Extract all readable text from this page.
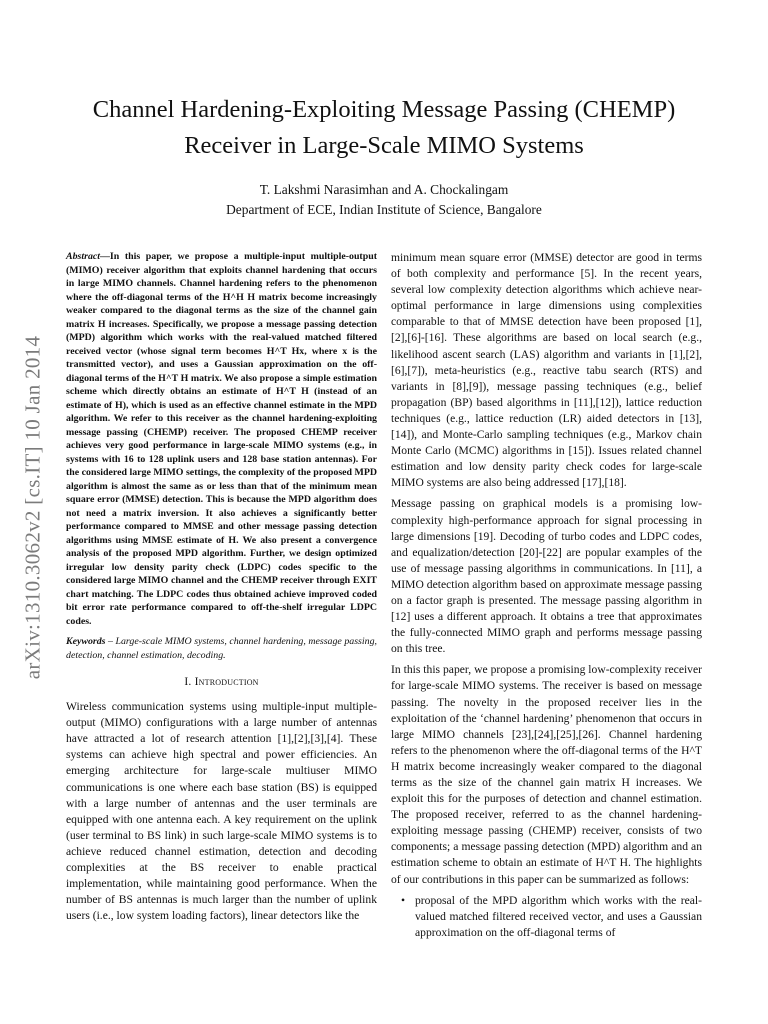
arXiv:1310.3062v2 [cs.IT] 10 Jan 2014
Channel Hardening-Exploiting Message Passing (CHEMP)
Receiver in Large-Scale MIMO Systems
T. Lakshmi Narasimhan and A. Chockalingam
Department of ECE, Indian Institute of Science, Bangalore

Abstract—In this paper, we propose a multiple-input multiple-output (MIMO) receiver algorithm that exploits channel hardening that occurs in large MIMO channels. Channel hardening refers to the phenomenon where the off-diagonal terms of the H^H H matrix become increasingly weaker compared to the diagonal terms as the size of the channel gain matrix H increases. Specifically, we propose a message passing detection (MPD) algorithm which works with the real-valued matched filtered received vector (whose signal term becomes H^T Hx, where x is the transmitted vector), and uses a Gaussian approximation on the off-diagonal terms of the H^T H matrix. We also propose a simple estimation scheme which directly obtains an estimate of H^T H (instead of an estimate of H), which is used as an effective channel estimate in the MPD algorithm. We refer to this receiver as the channel hardening-exploiting message passing (CHEMP) receiver. The proposed CHEMP receiver achieves very good performance in large-scale MIMO systems (e.g., in systems with 16 to 128 uplink users and 128 base station antennas). For the considered large MIMO settings, the complexity of the proposed MPD algorithm is almost the same as or less than that of the minimum mean square error (MMSE) detection. This is because the MPD algorithm does not need a matrix inversion. It also achieves a significantly better performance compared to MMSE and other message passing detection algorithms using MMSE estimate of H. We also present a convergence analysis of the proposed MPD algorithm. Further, we design optimized irregular low density parity check (LDPC) codes specific to the considered large MIMO channel and the CHEMP receiver through EXIT chart matching. The LDPC codes thus obtained achieve improved coded bit error rate performance compared to off-the-shelf irregular LDPC codes.

Keywords – Large-scale MIMO systems, channel hardening, message passing, detection, channel estimation, decoding.

I. Introduction

Wireless communication systems using multiple-input multiple-output (MIMO) configurations with a large number of antennas have attracted a lot of research attention [1],[2],[3],[4]. These systems can achieve high spectral and power efficiencies. An emerging architecture for large-scale multiuser MIMO communications is one where each base station (BS) is equipped with a large number of antennas and the user terminals are equipped with one antenna each. A key requirement on the uplink (user terminal to BS link) in such large-scale MIMO systems is to achieve reduced channel estimation, detection and decoding complexities at the BS receiver to enable practical implementation, while maintaining good performance. When the number of BS antennas is much larger than the number of uplink users (i.e., low system loading factors), linear detectors like the

minimum mean square error (MMSE) detector are good in terms of both complexity and performance [5]. In the recent years, several low complexity detection algorithms which achieve near-optimal performance in large dimensions using complexities comparable to that of MMSE detection have been proposed [1],[2],[6]-[16]. These algorithms are based on local search (e.g., likelihood ascent search (LAS) algorithm and variants in [1],[2],[6],[7]), meta-heuristics (e.g., reactive tabu search (RTS) and variants in [8],[9]), message passing techniques (e.g., belief propagation (BP) based algorithms in [11],[12]), lattice reduction techniques (e.g., lattice reduction (LR) aided detectors in [13],[14]), and Monte-Carlo sampling techniques (e.g., Markov chain Monte Carlo (MCMC) algorithms in [15]). Issues related channel estimation and low density parity check codes for large-scale MIMO systems are also being addressed [17],[18].

Message passing on graphical models is a promising low-complexity high-performance approach for signal processing in large dimensions [19]. Decoding of turbo codes and LDPC codes, and equalization/detection [20]-[22] are popular examples of the use of message passing algorithms in communications. In [11], a MIMO detection algorithm based on approximate message passing on a factor graph is presented. The message passing algorithm in [12] uses a different approach. It obtains a tree that approximates the fully-connected MIMO graph and performs message passing on this tree.

In this this paper, we propose a promising low-complexity receiver for large-scale MIMO systems. The receiver is based on message passing. The novelty in the proposed receiver lies in the exploitation of the ‘channel hardening’ phenomenon that occurs in large MIMO channels [23],[24],[25],[26]. Channel hardening refers to the phenomenon where the off-diagonal terms of the H^T H matrix become increasingly weaker compared to the diagonal terms as the size of the channel gain matrix H increases. We exploit this for the purposes of detection and channel estimation. The proposed receiver, referred to as the channel hardening-exploiting message passing (CHEMP) receiver, consists of two components; a message passing detection (MPD) algorithm and an estimation scheme to obtain an estimate of H^T H. The highlights of our contributions in this paper can be summarized as follows:

• proposal of the MPD algorithm which works with the real-valued matched filtered received vector, and uses a Gaussian approximation on the off-diagonal terms of
